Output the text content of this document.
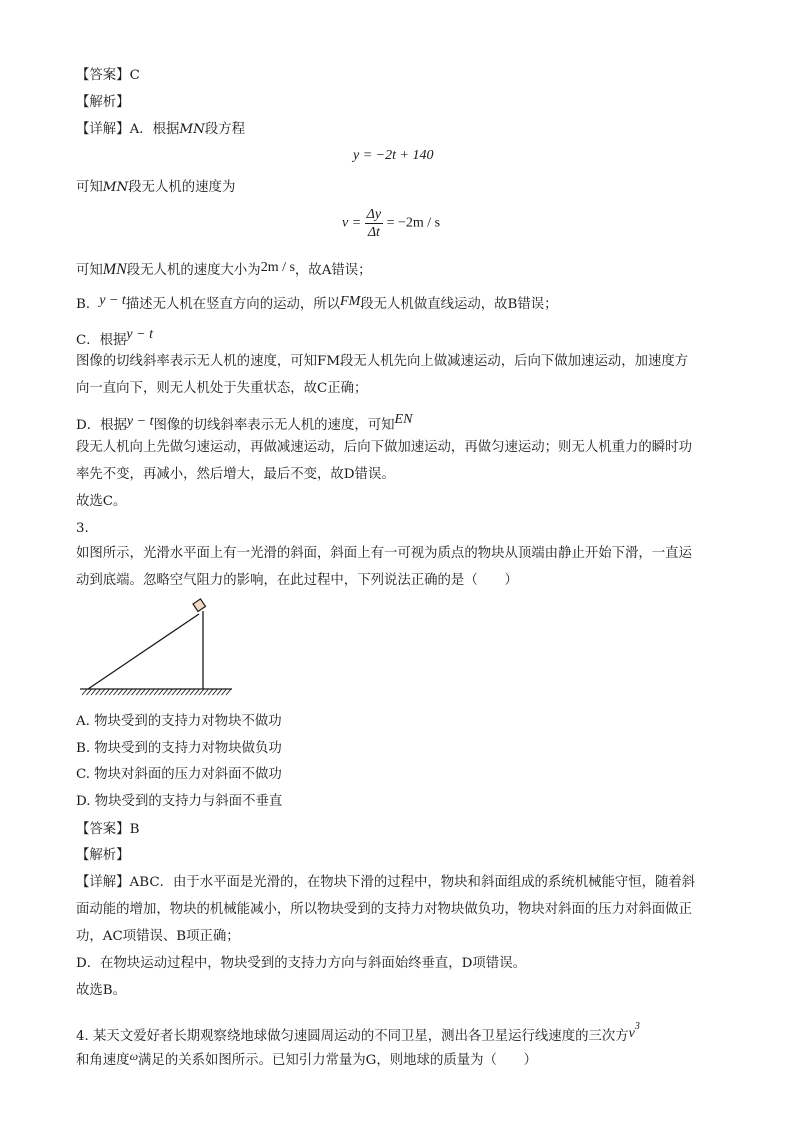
【答案】C
【解析】
【详解】A．根据MN段方程
y = −2t + 140
可知MN段无人机的速度为
$v = \frac{\Delta y}{\Delta t} = -2m / s$
可知MN段无人机的速度大小为2m / s，故A错误；
B．y − t描述无人机在竖直方向的运动，所以FM段无人机做直线运动，故B错误；
C．根据y − t
图像的切线斜率表示无人机的速度，可知FM段无人机先向上做减速运动，后向下做加速运动，加速度方
向一直向下，则无人机处于失重状态，故C正确；
D．根据y − t图像的切线斜率表示无人机的速度，可知EN
段无人机向上先做匀速运动，再做减速运动，后向下做加速运动，再做匀速运动；则无人机重力的瞬时功
率先不变，再减小，然后增大，最后不变，故D错误。
故选C。
3.
如图所示，光滑水平面上有一光滑的斜面，斜面上有一可视为质点的物块从顶端由静止开始下滑，一直运
动到底端。忽略空气阻力的影响，在此过程中，下列说法正确的是（　　）
A. 物块受到的支持力对物块不做功
B. 物块受到的支持力对物块做负功
C. 物块对斜面的压力对斜面不做功
D. 物块受到的支持力与斜面不垂直
【答案】B
【解析】
【详解】ABC．由于水平面是光滑的，在物块下滑的过程中，物块和斜面组成的系统机械能守恒，随着斜
面动能的增加，物块的机械能减小，所以物块受到的支持力对物块做负功，物块对斜面的压力对斜面做正
功，AC项错误、B项正确；
D．在物块运动过程中，物块受到的支持力方向与斜面始终垂直，D项错误。
故选B。
4. 某天文爱好者长期观察绕地球做匀速圆周运动的不同卫星，测出各卫星运行线速度的三次方$v^3$
和角速度ω满足的关系如图所示。已知引力常量为G，则地球的质量为（　　）
